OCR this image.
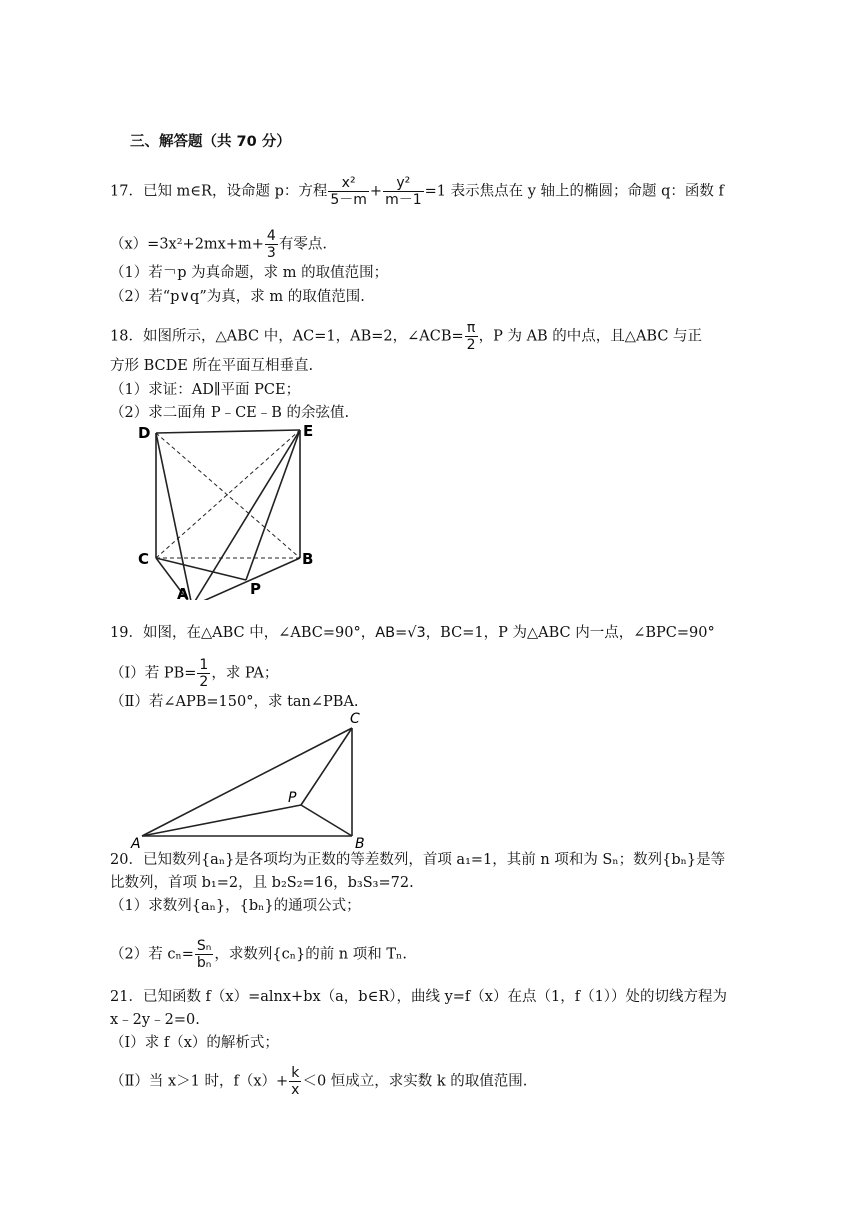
三、解答题（共 70 分）
17．已知 m∈R，设命题 p：方程 $\frac{\text{x²}}{5-m} + \frac{\text{y²}}{m-1} =1$ 表示焦点在 y 轴上的椭圆；命题 q：函数 f
$(x)=3x^2+2mx+m+ \frac{4}{3}$ 有零点.
（1）若￢p 为真命题，求 m 的取值范围；
（2）若“p∨q”为真，求 m 的取值范围.
18．如图所示，△ABC 中，AC=1，AB=2，∠ACB= $\frac{\pi}{2}$ ，P 为 AB 的中点，且△ABC 与正
方形 BCDE 所在平面互相垂直.
（1）求证：AD∥平面 PCE；
（2）求二面角 P﹣CE﹣B 的余弦值.
D	E
C	B
P
A
19．如图，在△ABC 中，∠ABC=90°，AB=√3，BC=1，P 为△ABC 内一点，∠BPC=90°
（Ⅰ）若 $PB= \frac{1}{2}$ ，求 PA；
（Ⅱ）若∠APB=150°，求 tan∠PBA.
C
P
A	B
20．已知数列{aₙ}是各项均为正数的等差数列，首项 a₁=1，其前 n 项和为 Sₙ；数列{bₙ}是等
比数列，首项 b₁=2，且 b₂S₂=16，b₃S₃=72.
（1）求数列{aₙ}，{bₙ}的通项公式；
（2）若 $c_n= \frac{\text{Sₙ}}{\text{bₙ}}$ ，求数列{cₙ}的前 n 项和 Tₙ.
21．已知函数 f（x）=alnx+bx（a，b∈R），曲线 y=f（x）在点（1，f（1））处的切线方程为
x﹣2y﹣2=0.
（Ⅰ）求 f（x）的解析式；
（Ⅱ）当 x＞1 时，$f(x)+ \frac{k}{x} <0$ 恒成立，求实数 k 的取值范围.
